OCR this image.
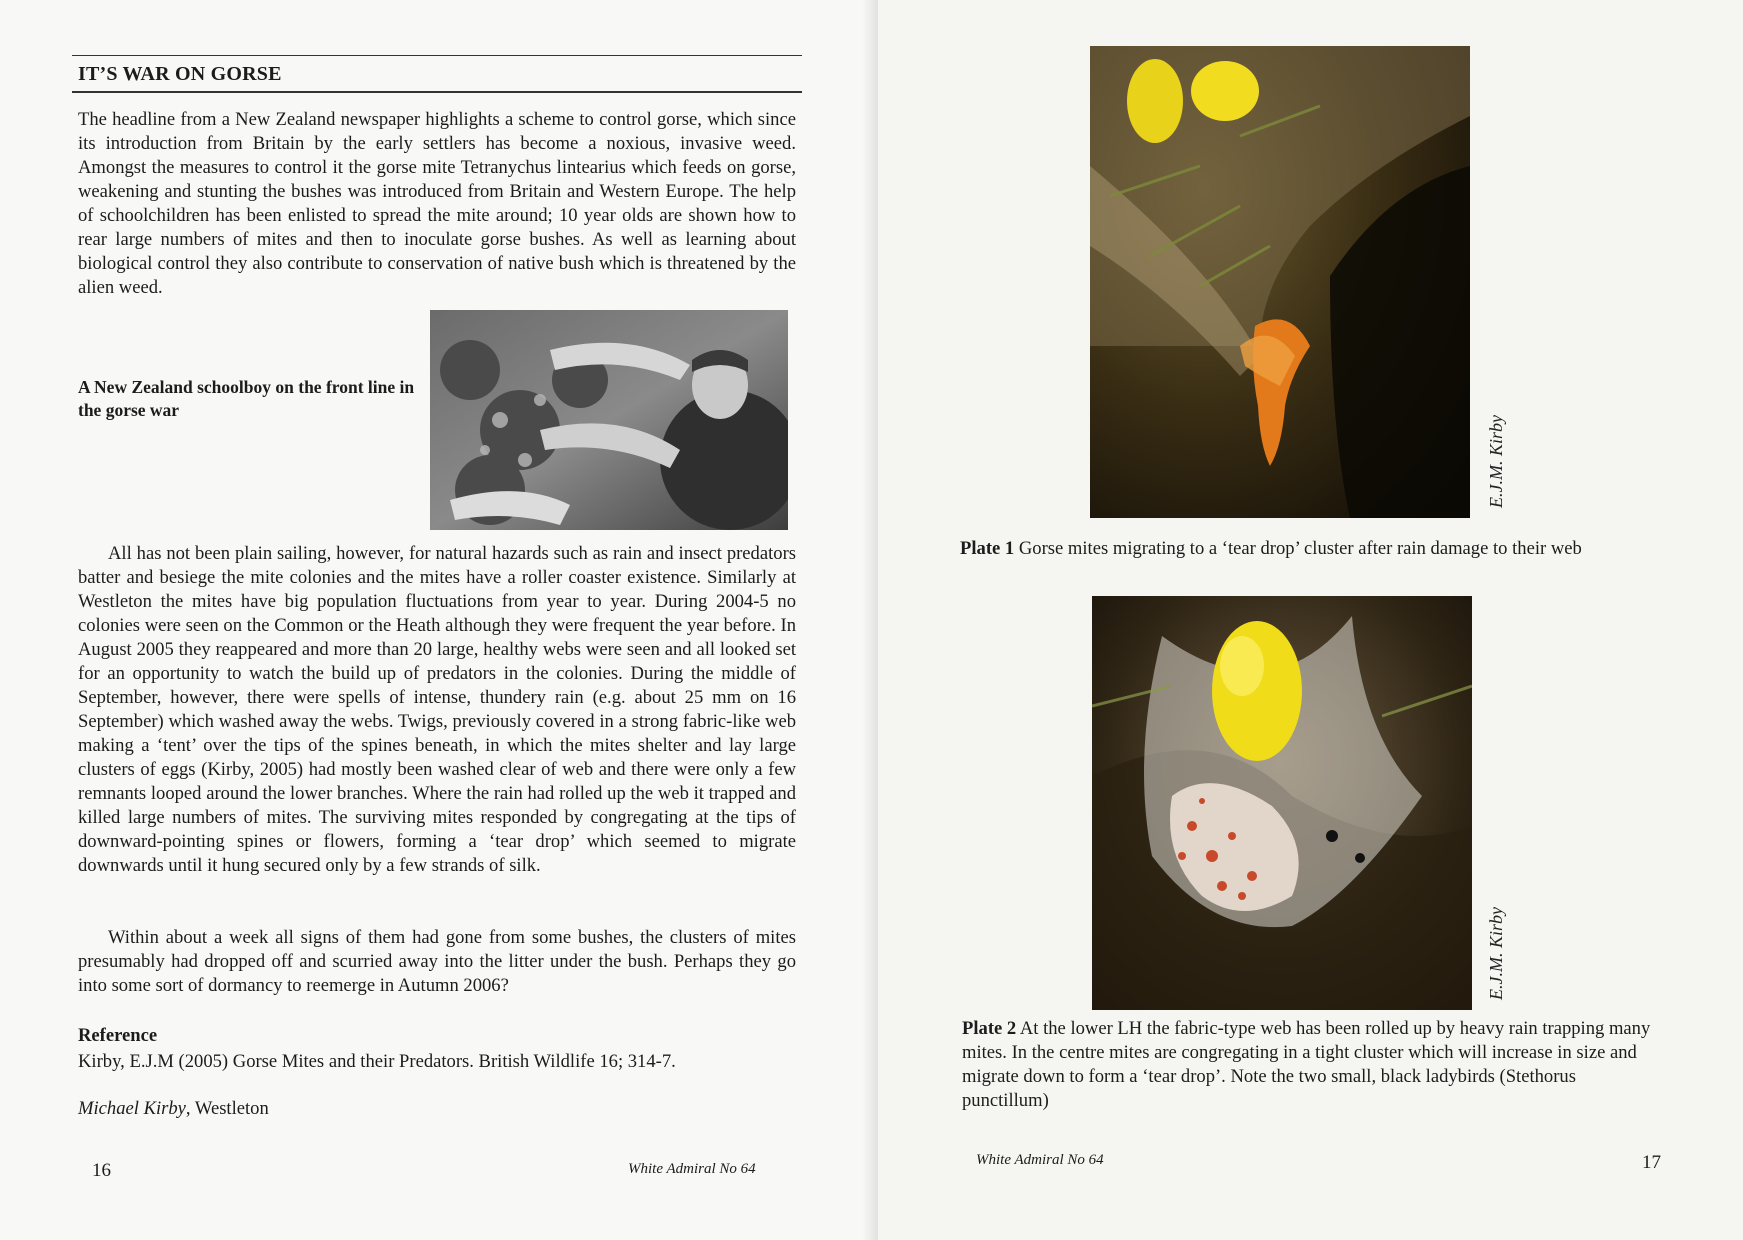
IT’S WAR ON GORSE
The headline from a New Zealand newspaper highlights a scheme to control gorse, which since its introduction from Britain by the early settlers has become a noxious, invasive weed. Amongst the measures to control it the gorse mite Tetranychus lintearius which feeds on gorse, weakening and stunting the bushes was introduced from Britain and Western Europe. The help of schoolchildren has been enlisted to spread the mite around; 10 year olds are shown how to rear large numbers of mites and then to inoculate gorse bushes. As well as learning about biological control they also contribute to conservation of native bush which is threatened by the alien weed.
A New Zealand schoolboy on the front line in the gorse war
All has not been plain sailing, however, for natural hazards such as rain and insect predators batter and besiege the mite colonies and the mites have a roller coaster existence. Similarly at Westleton the mites have big population fluctuations from year to year. During 2004-5 no colonies were seen on the Common or the Heath although they were frequent the year before. In August 2005 they reappeared and more than 20 large, healthy webs were seen and all looked set for an opportunity to watch the build up of predators in the colonies. During the middle of September, however, there were spells of intense, thundery rain (e.g. about 25 mm on 16 September) which washed away the webs. Twigs, previously covered in a strong fabric-like web making a ‘tent’ over the tips of the spines beneath, in which the mites shelter and lay large clusters of eggs (Kirby, 2005) had mostly been washed clear of web and there were only a few remnants looped around the lower branches. Where the rain had rolled up the web it trapped and killed large numbers of mites. The surviving mites responded by congregating at the tips of downward-pointing spines or flowers, forming a ‘tear drop’ which seemed to migrate downwards until it hung secured only by a few strands of silk.
Within about a week all signs of them had gone from some bushes, the clusters of mites presumably had dropped off and scurried away into the litter under the bush. Perhaps they go into some sort of dormancy to reemerge in Autumn 2006?
Reference
Kirby, E.J.M (2005) Gorse Mites and their Predators. British Wildlife 16; 314-7.
Michael Kirby, Westleton
16	White Admiral No 64
E.J.M. Kirby
Plate 1 Gorse mites migrating to a ‘tear drop’ cluster after rain damage to their web
E.J.M. Kirby
Plate 2 At the lower LH the fabric-type web has been rolled up by heavy rain trapping many mites. In the centre mites are congregating in a tight cluster which will increase in size and migrate down to form a ‘tear drop’. Note the two small, black ladybirds (Stethorus punctillum)
White Admiral No 64	17
